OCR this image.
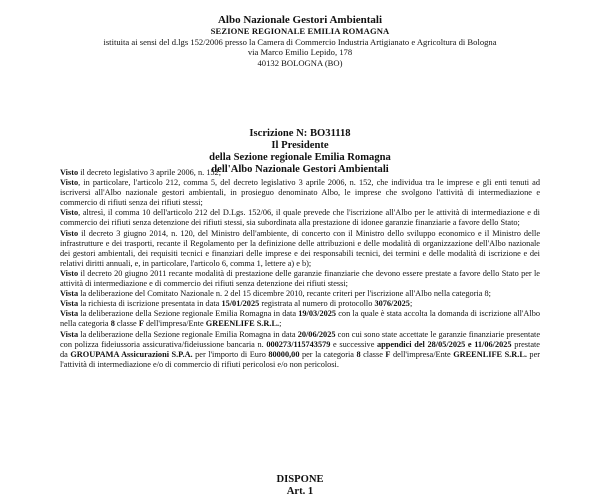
Albo Nazionale Gestori Ambientali
SEZIONE REGIONALE EMILIA ROMAGNA
istituita ai sensi del d.lgs 152/2006 presso la Camera di Commercio Industria Artigianato e Agricoltura di Bologna
via Marco Emilio Lepido, 178
40132 BOLOGNA (BO)
Iscrizione N: BO31118
Il Presidente
della Sezione regionale Emilia Romagna
dell'Albo Nazionale Gestori Ambientali

Visto il decreto legislativo 3 aprile 2006, n. 152;

Visto, in particolare, l'articolo 212, comma 5, del decreto legislativo 3 aprile 2006, n. 152, che individua tra le imprese e gli enti tenuti ad iscriversi all'Albo nazionale gestori ambientali, in prosieguo denominato Albo, le imprese che svolgono l'attività di intermediazione e commercio di rifiuti senza dei rifiuti stessi;

Visto, altresì, il comma 10 dell'articolo 212 del D.Lgs. 152/06, il quale prevede che l'iscrizione all'Albo per le attività di intermediazione e di commercio dei rifiuti senza detenzione dei rifiuti stessi, sia subordinata alla prestazione di idonee garanzie finanziarie a favore dello Stato;

Visto il decreto 3 giugno 2014, n. 120, del Ministro dell'ambiente, di concerto con il Ministro dello sviluppo economico e il Ministro delle infrastrutture e dei trasporti, recante il Regolamento per la definizione delle attribuzioni e delle modalità di organizzazione dell'Albo nazionale dei gestori ambientali, dei requisiti tecnici e finanziari delle imprese e dei responsabili tecnici, dei termini e delle modalità di iscrizione e dei relativi diritti annuali, e, in particolare, l'articolo 6, comma 1, lettere a) e b);

Visto il decreto 20 giugno 2011 recante modalità di prestazione delle garanzie finanziarie che devono essere prestate a favore dello Stato per le attività di intermediazione e di commercio dei rifiuti senza detenzione dei rifiuti stessi;

Vista la deliberazione del Comitato Nazionale n. 2 del 15 dicembre 2010, recante criteri per l'iscrizione all'Albo nella categoria 8;

Vista la richiesta di iscrizione presentata in data 15/01/2025 registrata al numero di protocollo 3076/2025;

Vista la deliberazione della Sezione regionale Emilia Romagna in data 19/03/2025 con la quale è stata accolta la domanda di iscrizione all'Albo nella categoria 8 classe F dell'impresa/Ente GREENLIFE S.R.L.;

Vista la deliberazione della Sezione regionale Emilia Romagna in data 20/06/2025 con cui sono state accettate le garanzie finanziarie presentate con polizza fideiussoria assicurativa/fideiussione bancaria n. 000273/115743579 e successive appendici del 28/05/2025 e 11/06/2025 prestate da GROUPAMA Assicurazioni S.P.A. per l'importo di Euro 80000,00 per la categoria 8 classe F dell'impresa/Ente GREENLIFE S.R.L. per l'attività di intermediazione e/o di commercio di rifiuti pericolosi e/o non pericolosi.

DISPONE
Art. 1
